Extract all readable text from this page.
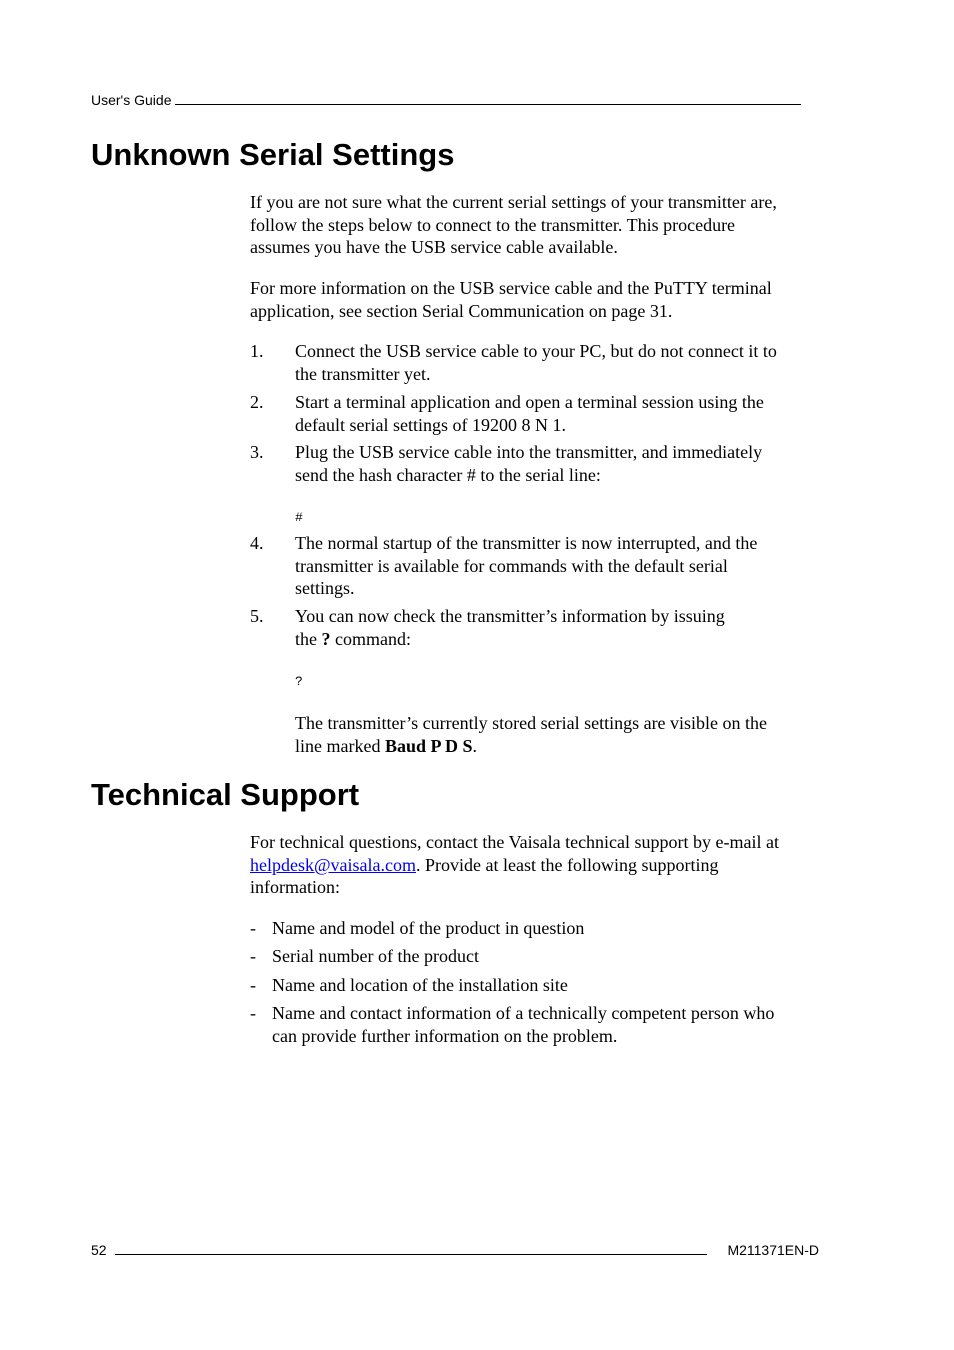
User's Guide
Unknown Serial Settings
If you are not sure what the current serial settings of your transmitter are,
follow the steps below to connect to the transmitter. This procedure
assumes you have the USB service cable available.
For more information on the USB service cable and the PuTTY terminal
application, see section Serial Communication on page 31.
1. Connect the USB service cable to your PC, but do not connect it to
the transmitter yet.
2. Start a terminal application and open a terminal session using the
default serial settings of 19200 8 N 1.
3. Plug the USB service cable into the transmitter, and immediately
send the hash character # to the serial line:
#
4. The normal startup of the transmitter is now interrupted, and the
transmitter is available for commands with the default serial
settings.
5. You can now check the transmitter’s information by issuing
the ? command:
?
The transmitter’s currently stored serial settings are visible on the
line marked Baud P D S.
Technical Support
For technical questions, contact the Vaisala technical support by e-mail at
helpdesk@vaisala.com. Provide at least the following supporting
information:
- Name and model of the product in question
- Serial number of the product
- Name and location of the installation site
- Name and contact information of a technically competent person who
can provide further information on the problem.
52	M211371EN-D
